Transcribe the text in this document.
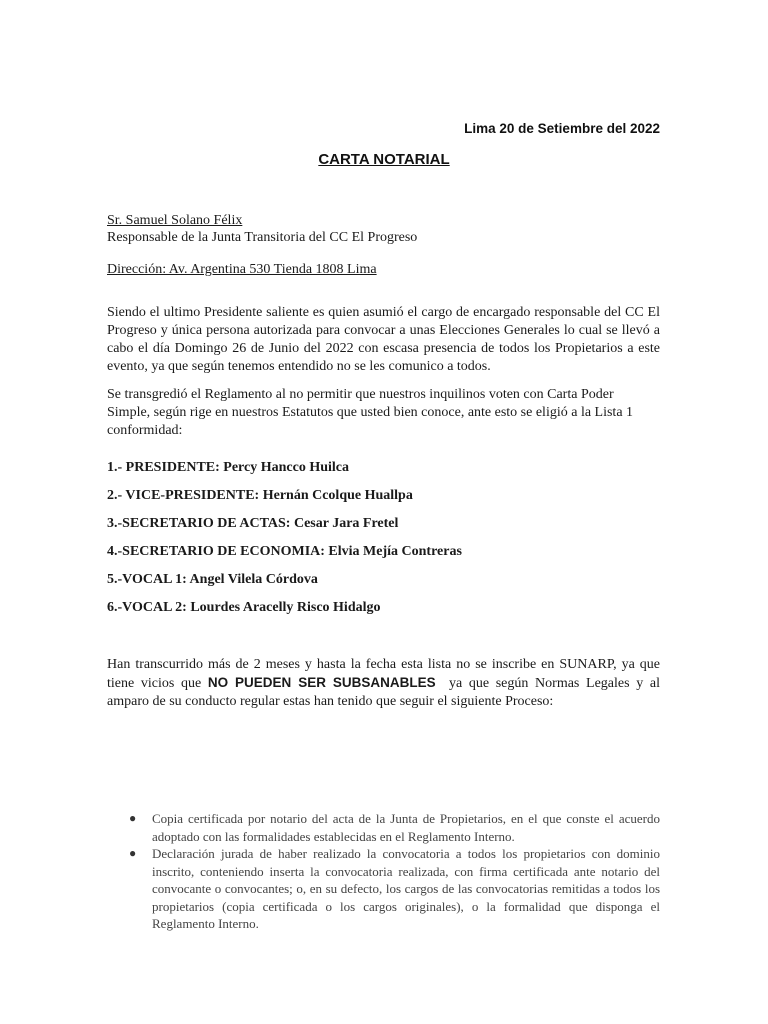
Lima 20 de Setiembre del 2022
CARTA NOTARIAL
Sr. Samuel Solano Félix
Responsable de la Junta Transitoria del CC El Progreso
Dirección: Av. Argentina 530 Tienda 1808 Lima
Siendo el ultimo Presidente saliente es quien asumió el cargo de encargado responsable del CC El Progreso y única persona autorizada para convocar a unas Elecciones Generales lo cual se llevó a cabo el día Domingo 26 de Junio del 2022 con escasa presencia de todos los Propietarios a este evento, ya que según tenemos entendido no se les comunico a todos.
Se transgredió el Reglamento al no permitir que nuestros inquilinos voten con Carta Poder Simple, según rige en nuestros Estatutos que usted bien conoce, ante esto se eligió a la Lista 1 conformidad:
1.- PRESIDENTE: Percy Hancco Huilca
2.- VICE-PRESIDENTE: Hernán Ccolque Huallpa
3.-SECRETARIO DE ACTAS: Cesar Jara Fretel
4.-SECRETARIO DE ECONOMIA: Elvia Mejía Contreras
5.-VOCAL 1: Angel Vilela Córdova
6.-VOCAL 2: Lourdes Aracelly Risco Hidalgo
Han transcurrido más de 2 meses y hasta la fecha esta lista no se inscribe en SUNARP, ya que tiene vicios que NO PUEDEN SER SUBSANABLES  ya que según Normas Legales y al amparo de su conducto regular estas han tenido que seguir el siguiente Proceso:
● Copia certificada por notario del acta de la Junta de Propietarios, en el que conste el acuerdo adoptado con las formalidades establecidas en el Reglamento Interno.
● Declaración jurada de haber realizado la convocatoria a todos los propietarios con dominio inscrito, conteniendo inserta la convocatoria realizada, con firma certificada ante notario del convocante o convocantes; o, en su defecto, los cargos de las convocatorias remitidas a todos los propietarios (copia certificada o los cargos originales), o la formalidad que disponga el Reglamento Interno.
